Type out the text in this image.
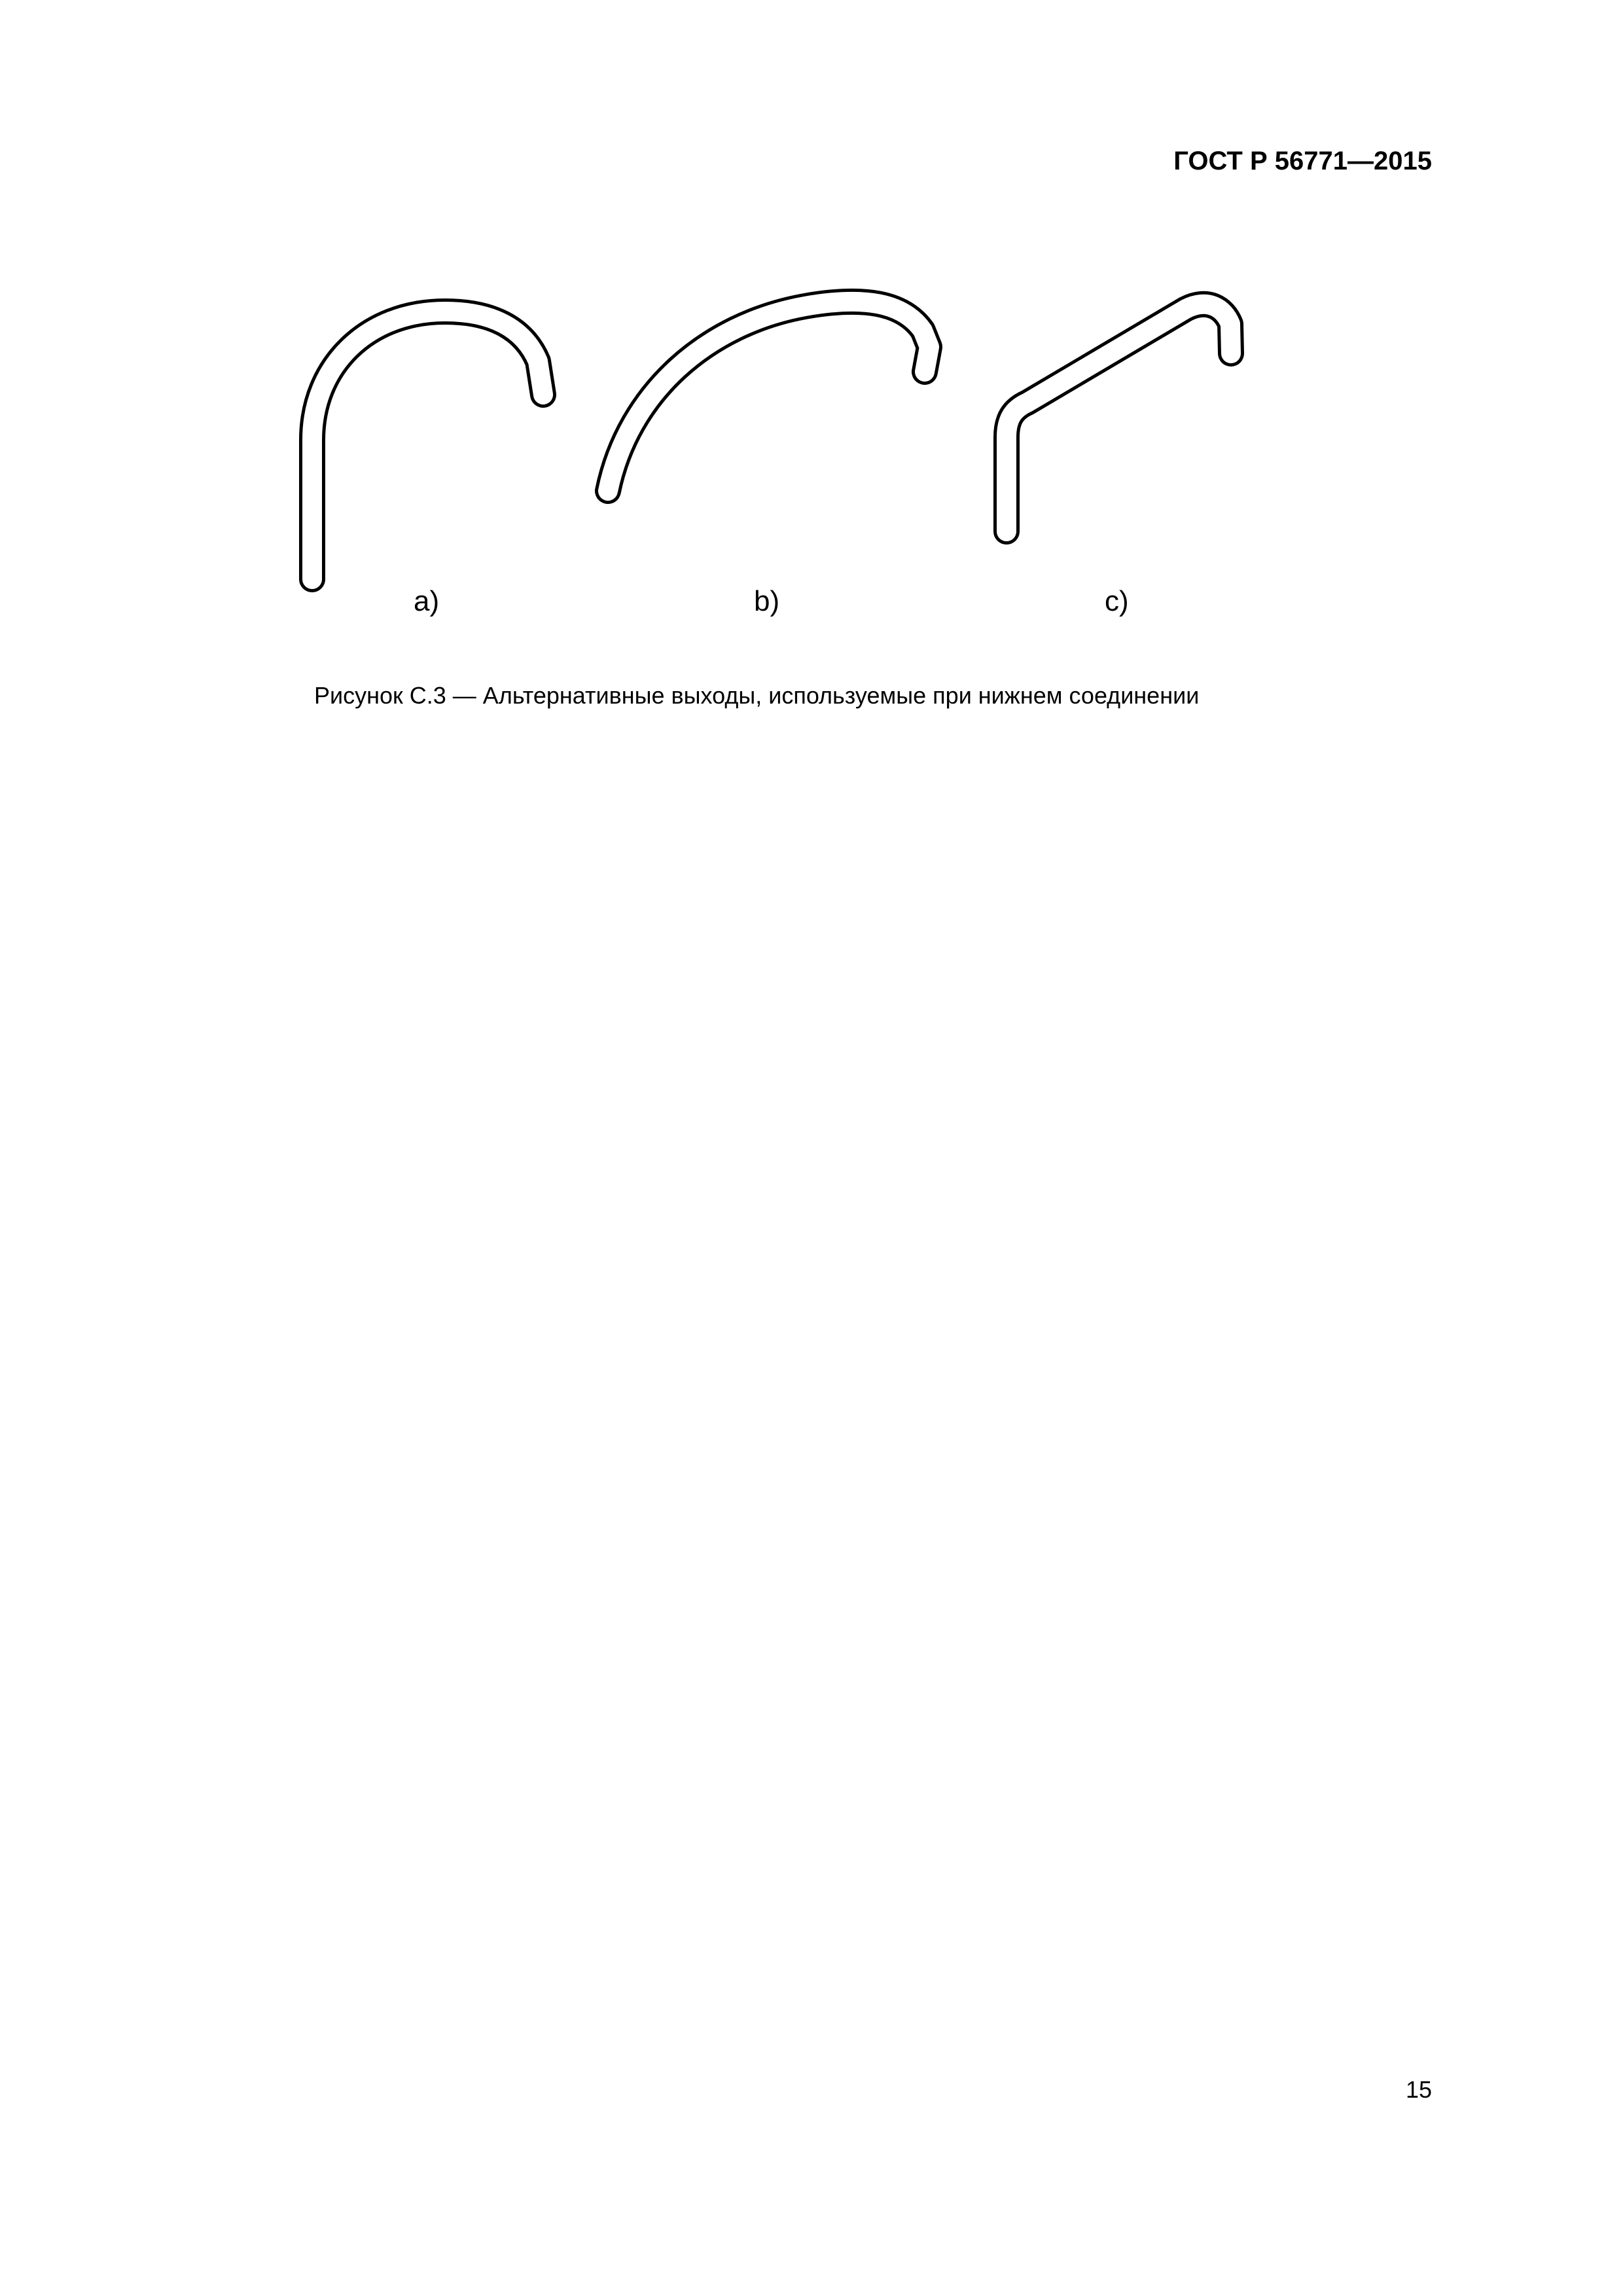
ГОСТ Р 56771—2015
a)	b)	c)
Рисунок С.3 — Альтернативные выходы, используемые при нижнем соединении
15
